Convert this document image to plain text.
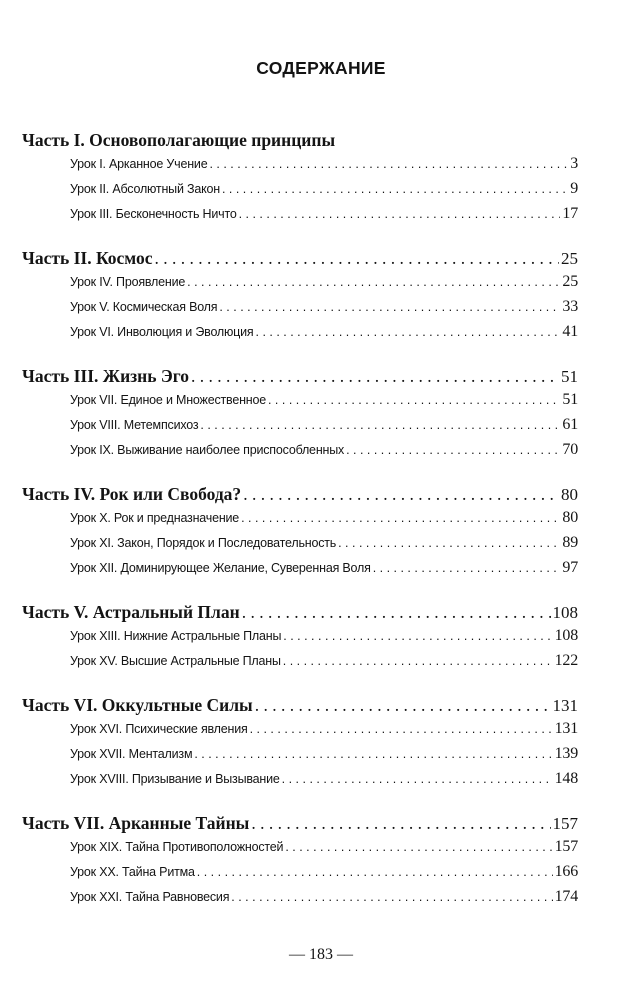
СОДЕРЖАНИЕ
Часть I. Основополагающие принципы
Урок I. Арканное Учение . . .	3
Урок II. Абсолютный Закон . . .	9
Урок III. Бесконечность Ничто . . .	17
Часть II. Космос . . .	25
Урок IV. Проявление . . .	25
Урок V. Космическая Воля . . .	33
Урок VI. Инволюция и Эволюция . . .	41
Часть III. Жизнь Эго . . .	51
Урок VII. Единое и Множественное . . .	51
Урок VIII. Метемпсихоз . . .	61
Урок IX. Выживание наиболее приспособленных . . .	70
Часть IV. Рок или Свобода? . . .	80
Урок X. Рок и предназначение . . .	80
Урок XI. Закон, Порядок и Последовательность . . .	89
Урок XII. Доминирующее Желание, Суверенная Воля . . .	97
Часть V. Астральный План . . .	108
Урок XIII. Нижние Астральные Планы . . .	108
Урок XV. Высшие Астральные Планы . . .	122
Часть VI. Оккультные Силы . . .	131
Урок XVI. Психические явления . . .	131
Урок XVII. Ментализм . . .	139
Урок XVIII. Призывание и Вызывание . . .	148
Часть VII. Арканные Тайны . . .	157
Урок XIX. Тайна Противоположностей . . .	157
Урок XX. Тайна Ритма . . .	166
Урок XXI. Тайна Равновесия . . .	174
— 183 —
